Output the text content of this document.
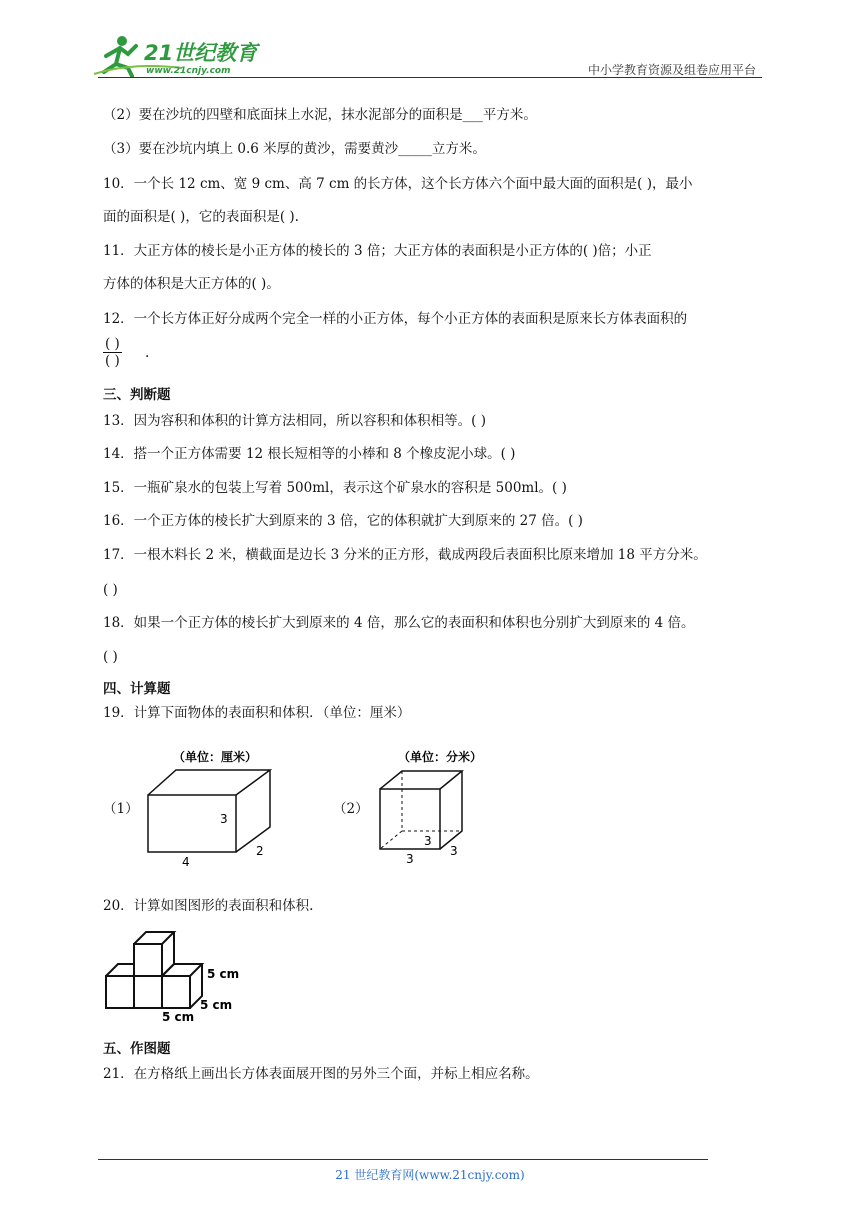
21世纪教育
www.21cnjy.com	中小学教育资源及组卷应用平台
（2）要在沙坑的四壁和底面抹上水泥，抹水泥部分的面积是___平方米。
（3）要在沙坑内填上 0.6 米厚的黄沙，需要黄沙_____立方米。
10．一个长 12 cm、宽 9 cm、高 7 cm 的长方体，这个长方体六个面中最大面的面积是( )，最小
面的面积是( )，它的表面积是( ).
11．大正方体的棱长是小正方体的棱长的 3 倍；大正方体的表面积是小正方体的( )倍；小正
方体的体积是大正方体的( )。
12．一个长方体正好分成两个完全一样的小正方体，每个小正方体的表面积是原来长方体表面积的
( )
( ) .
三、判断题
13．因为容积和体积的计算方法相同，所以容积和体积相等。( )
14．搭一个正方体需要 12 根长短相等的小棒和 8 个橡皮泥小球。( )
15．一瓶矿泉水的包装上写着 500ml，表示这个矿泉水的容积是 500ml。( )
16．一个正方体的棱长扩大到原来的 3 倍，它的体积就扩大到原来的 27 倍。( )
17．一根木料长 2 米，横截面是边长 3 分米的正方形，截成两段后表面积比原来增加 18 平方分米。
( )
18．如果一个正方体的棱长扩大到原来的 4 倍，那么它的表面积和体积也分别扩大到原来的 4 倍。
( )
四、计算题
19．计算下面物体的表面积和体积．（单位：厘米）
（1）
（单位：厘米）
3
4
2
（2）
（单位：分米）
3
3
3
20．计算如图图形的表面积和体积.
5 cm
5 cm
5 cm
五、作图题
21．在方格纸上画出长方体表面展开图的另外三个面，并标上相应名称。
21 世纪教育网(www.21cnjy.com)
